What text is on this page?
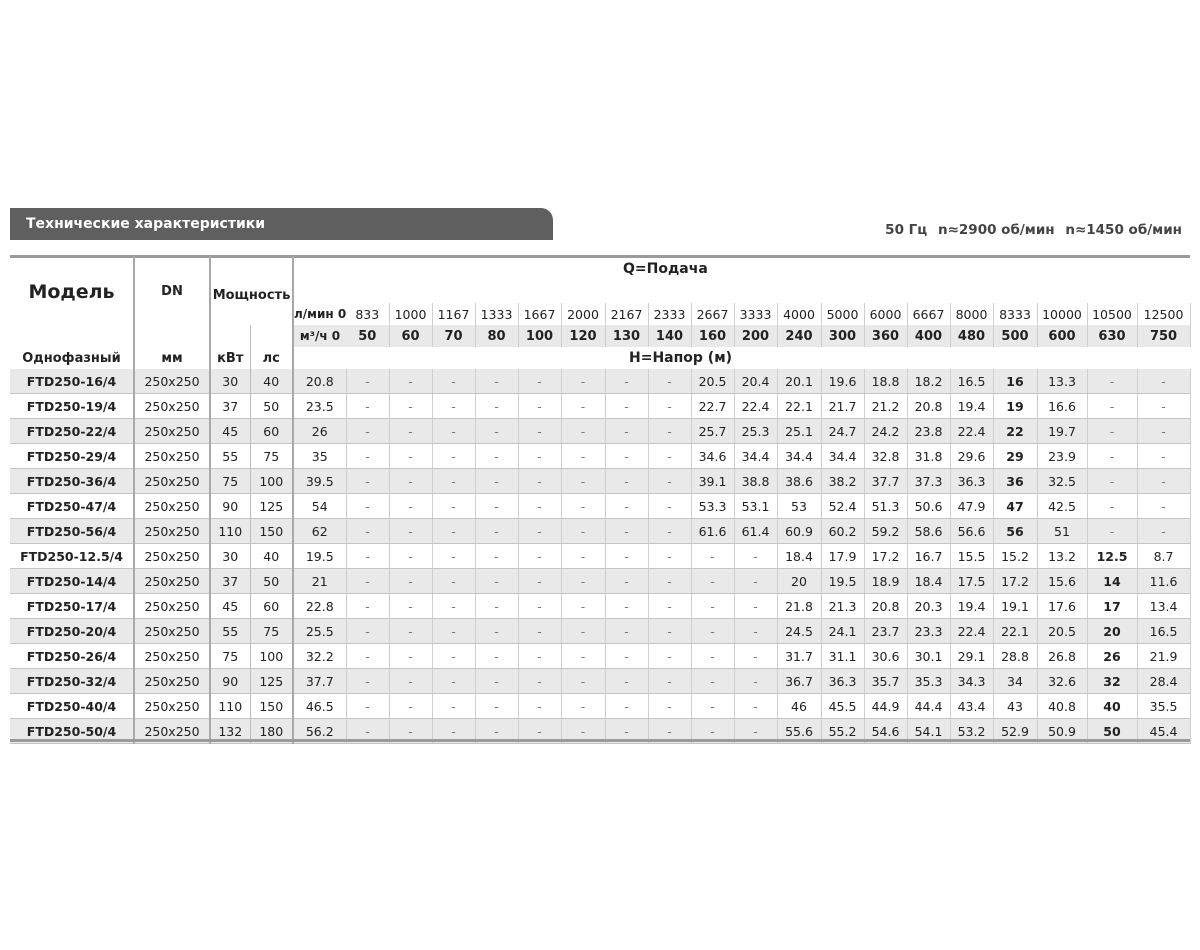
Технические характеристики	50 Гц n≈2900 об/мин n≈1450 об/мин
Модель	DN	Мощность		Q=Подача																			

				л/мин 0	833	1000	1167	1333	1667	2000	2167	2333	2667	3333	4000	5000	6000	6667	8000	8333	10000	10500	12500
				м³/ч 0	50	60	70	80	100	120	130	140	160	200	240	300	360	400	480	500	600	630	750
Однофазный	мм	кВт	лс	H=Напор (м)																			
FTD250-16/4	250x250	30	40	20.8	-	-	-	-	-	-	-	-	20.5	20.4	20.1	19.6	18.8	18.2	16.5	16	13.3	-	-
FTD250-19/4	250x250	37	50	23.5	-	-	-	-	-	-	-	-	22.7	22.4	22.1	21.7	21.2	20.8	19.4	19	16.6	-	-
FTD250-22/4	250x250	45	60	26	-	-	-	-	-	-	-	-	25.7	25.3	25.1	24.7	24.2	23.8	22.4	22	19.7	-	-
FTD250-29/4	250x250	55	75	35	-	-	-	-	-	-	-	-	34.6	34.4	34.4	34.4	32.8	31.8	29.6	29	23.9	-	-
FTD250-36/4	250x250	75	100	39.5	-	-	-	-	-	-	-	-	39.1	38.8	38.6	38.2	37.7	37.3	36.3	36	32.5	-	-
FTD250-47/4	250x250	90	125	54	-	-	-	-	-	-	-	-	53.3	53.1	53	52.4	51.3	50.6	47.9	47	42.5	-	-
FTD250-56/4	250x250	110	150	62	-	-	-	-	-	-	-	-	61.6	61.4	60.9	60.2	59.2	58.6	56.6	56	51	-	-
FTD250-12.5/4	250x250	30	40	19.5	-	-	-	-	-	-	-	-	-	-	18.4	17.9	17.2	16.7	15.5	15.2	13.2	12.5	8.7
FTD250-14/4	250x250	37	50	21	-	-	-	-	-	-	-	-	-	-	20	19.5	18.9	18.4	17.5	17.2	15.6	14	11.6
FTD250-17/4	250x250	45	60	22.8	-	-	-	-	-	-	-	-	-	-	21.8	21.3	20.8	20.3	19.4	19.1	17.6	17	13.4
FTD250-20/4	250x250	55	75	25.5	-	-	-	-	-	-	-	-	-	-	24.5	24.1	23.7	23.3	22.4	22.1	20.5	20	16.5
FTD250-26/4	250x250	75	100	32.2	-	-	-	-	-	-	-	-	-	-	31.7	31.1	30.6	30.1	29.1	28.8	26.8	26	21.9
FTD250-32/4	250x250	90	125	37.7	-	-	-	-	-	-	-	-	-	-	36.7	36.3	35.7	35.3	34.3	34	32.6	32	28.4
FTD250-40/4	250x250	110	150	46.5	-	-	-	-	-	-	-	-	-	-	46	45.5	44.9	44.4	43.4	43	40.8	40	35.5
FTD250-50/4	250x250	132	180	56.2	-	-	-	-	-	-	-	-	-	-	55.6	55.2	54.6	54.1	53.2	52.9	50.9	50	45.4
